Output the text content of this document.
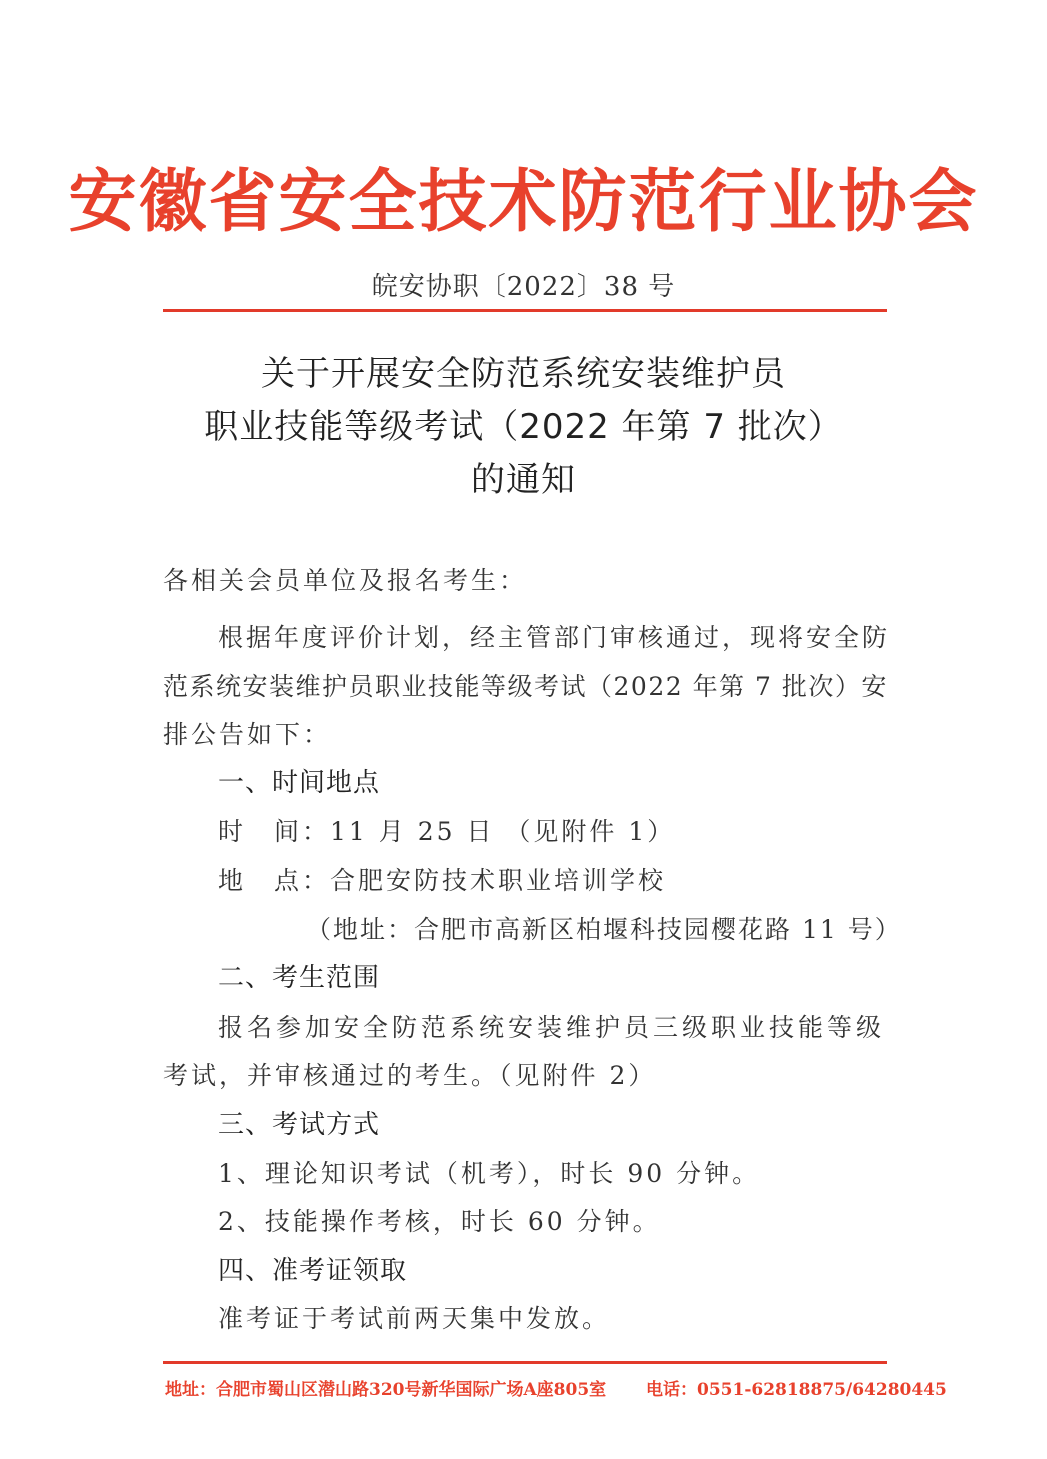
安徽省安全技术防范行业协会
皖安协职〔2022〕38 号
关于开展安全防范系统安装维护员
职业技能等级考试（2022 年第 7 批次）
的通知
各相关会员单位及报名考生：
根据年度评价计划，经主管部门审核通过，现将安全防
范系统安装维护员职业技能等级考试（2022 年第 7 批次）安
排公告如下：
一、时间地点
时　间：11 月 25 日 （见附件 1）
地　点：合肥安防技术职业培训学校
（地址：合肥市高新区柏堰科技园樱花路 11 号）
二、考生范围
报名参加安全防范系统安装维护员三级职业技能等级
考试，并审核通过的考生。（见附件 2）
三、考试方式
1、理论知识考试（机考），时长 90 分钟。
2、技能操作考核，时长 60 分钟。
四、准考证领取
准考证于考试前两天集中发放。
地址：合肥市蜀山区潜山路320号新华国际广场A座805室 电话：0551-62818875/64280445
